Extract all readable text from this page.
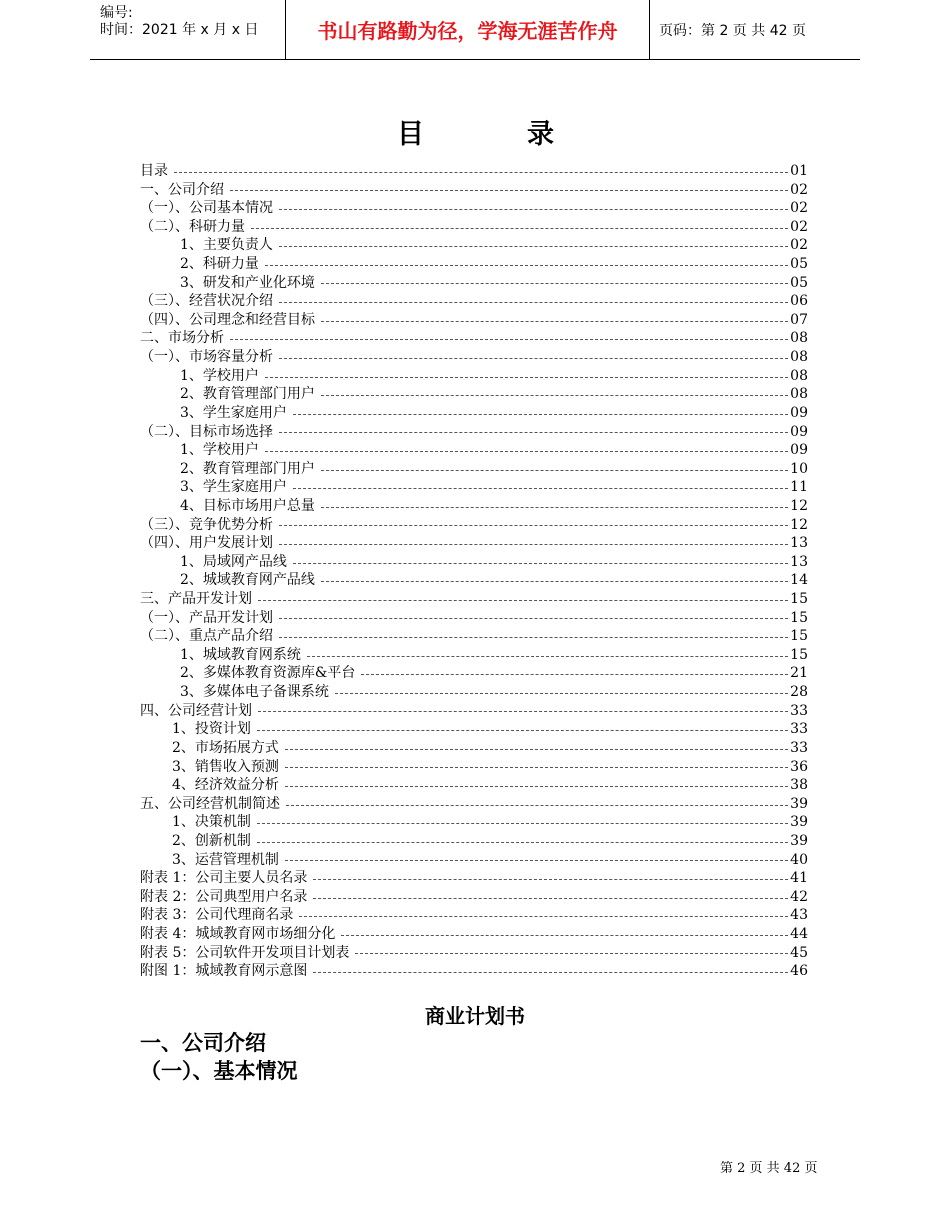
编号:
时间：2021 年 x 月 x 日	书山有路勤为径，学海无涯苦作舟	页码：第 2 页 共 42 页
目	录
目录	01
一、公司介绍	02
（一）、公司基本情况	02
（二）、科研力量	02
1、主要负责人	02
2、科研力量	05
3、研发和产业化环境	05
（三）、经营状况介绍	06
（四）、公司理念和经营目标	07
二、市场分析	08
（一）、市场容量分析	08
1、学校用户	08
2、教育管理部门用户	08
3、学生家庭用户	09
（二）、目标市场选择	09
1、学校用户	09
2、教育管理部门用户	10
3、学生家庭用户	11
4、目标市场用户总量	12
（三）、竞争优势分析	12
（四）、用户发展计划	13
1、局域网产品线	13
2、城域教育网产品线	14
三、产品开发计划	15
（一）、产品开发计划	15
（二）、重点产品介绍	15
1、城域教育网系统	15
2、多媒体教育资源库&平台	21
3、多媒体电子备课系统	28
四、公司经营计划	33
1、投资计划	33
2、市场拓展方式	33
3、销售收入预测	36
4、经济效益分析	38
五、公司经营机制简述	39
1、决策机制	39
2、创新机制	39
3、运营管理机制	40
附表 1：公司主要人员名录	41
附表 2：公司典型用户名录	42
附表 3：公司代理商名录	43
附表 4：城域教育网市场细分化	44
附表 5：公司软件开发项目计划表	45
附图 1：城域教育网示意图	46
商业计划书
一、公司介绍
（一）、基本情况
第 2 页 共 42 页
